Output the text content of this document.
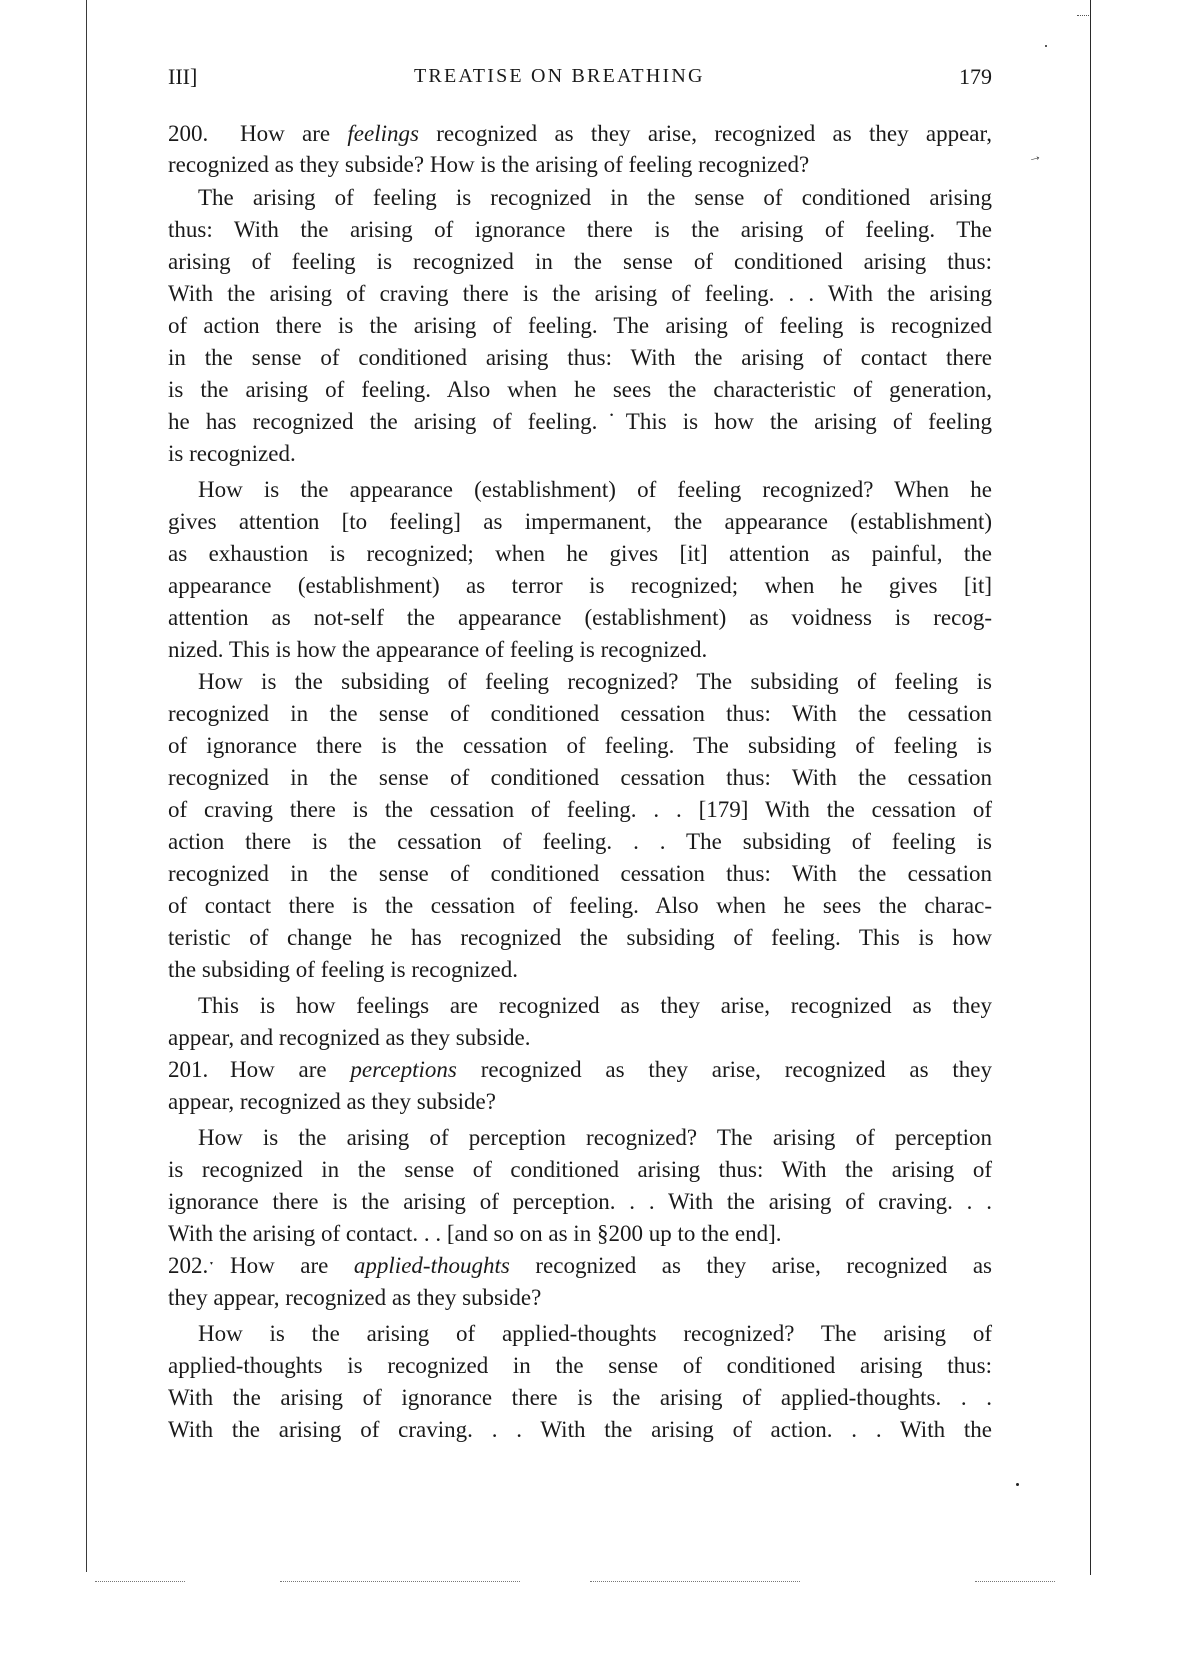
→
III]	TREATISE ON BREATHING	179
200. How are feelings recognized as they arise, recognized as they appear,
recognized as they subside? How is the arising of feeling recognized?
The arising of feeling is recognized in the sense of conditioned arising
thus: With the arising of ignorance there is the arising of feeling. The
arising of feeling is recognized in the sense of conditioned arising thus:
With the arising of craving there is the arising of feeling. . . With the arising
of action there is the arising of feeling. The arising of feeling is recognized
in the sense of conditioned arising thus: With the arising of contact there
is the arising of feeling. Also when he sees the characteristic of generation,
he has recognized the arising of feeling.˙This is how the arising of feeling
is recognized.
How is the appearance (establishment) of feeling recognized? When he
gives attention [to feeling] as impermanent, the appearance (establishment)
as exhaustion is recognized; when he gives [it] attention as painful, the
appearance (establishment) as terror is recognized; when he gives [it]
attention as not-self the appearance (establishment) as voidness is recog-
nized. This is how the appearance of feeling is recognized.
How is the subsiding of feeling recognized? The subsiding of feeling is
recognized in the sense of conditioned cessation thus: With the cessation
of ignorance there is the cessation of feeling. The subsiding of feeling is
recognized in the sense of conditioned cessation thus: With the cessation
of craving there is the cessation of feeling. . . [179] With the cessation of
action there is the cessation of feeling. . . The subsiding of feeling is
recognized in the sense of conditioned cessation thus: With the cessation
of contact there is the cessation of feeling. Also when he sees the charac-
teristic of change he has recognized the subsiding of feeling. This is how
the subsiding of feeling is recognized.
This is how feelings are recognized as they arise, recognized as they
appear, and recognized as they subside.
201. How are perceptions recognized as they arise, recognized as they
appear, recognized as they subside?
How is the arising of perception recognized? The arising of perception
is recognized in the sense of conditioned arising thus: With the arising of
ignorance there is the arising of perception. . . With the arising of craving. . .
With the arising of contact. . . [and so on as in §200 up to the end].
202.ˑ How are applied-thoughts recognized as they arise, recognized as
they appear, recognized as they subside?
How is the arising of applied-thoughts recognized? The arising of
applied-thoughts is recognized in the sense of conditioned arising thus:
With the arising of ignorance there is the arising of applied-thoughts. . .
With the arising of craving. . . With the arising of action. . . With the
